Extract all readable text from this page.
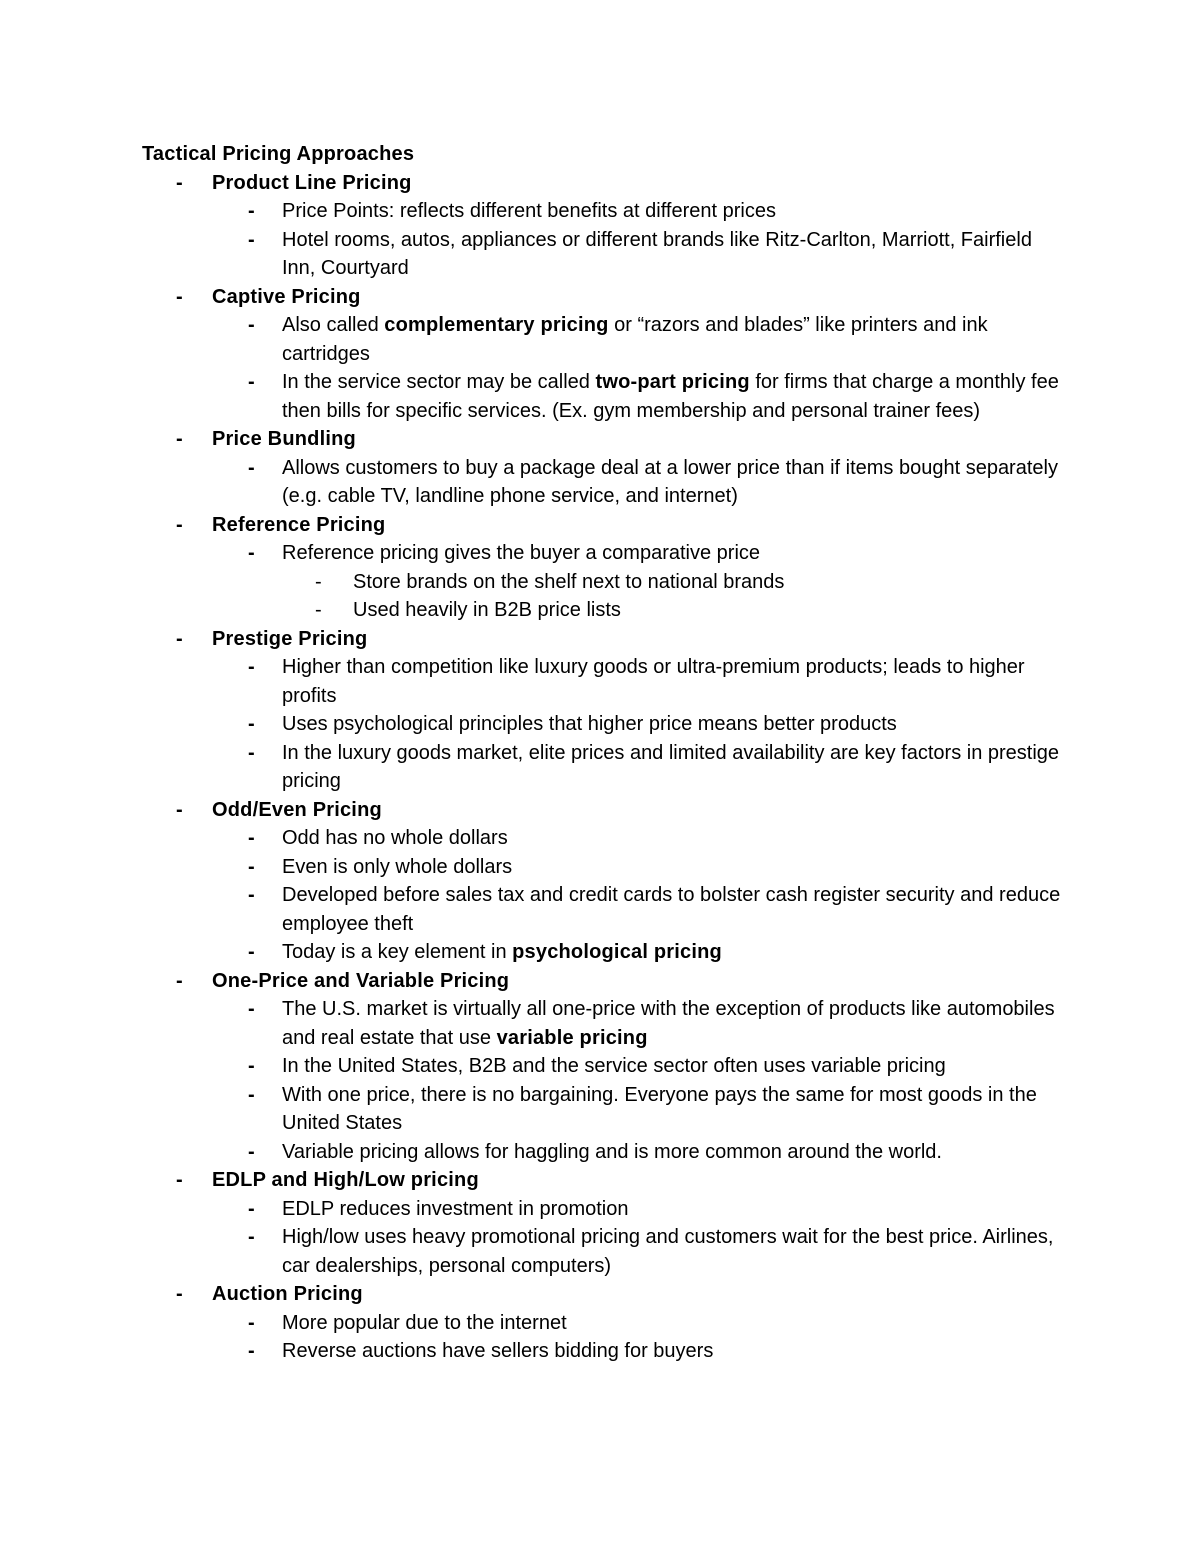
Tactical Pricing Approaches
- Product Line Pricing
- Price Points: reflects different benefits at different prices
- Hotel rooms, autos, appliances or different brands like Ritz-Carlton, Marriott, Fairfield Inn, Courtyard
- Captive Pricing
- Also called complementary pricing or “razors and blades” like printers and ink cartridges
- In the service sector may be called two-part pricing for firms that charge a monthly fee then bills for specific services. (Ex. gym membership and personal trainer fees)
- Price Bundling
- Allows customers to buy a package deal at a lower price than if items bought separately (e.g. cable TV, landline phone service, and internet)
- Reference Pricing
- Reference pricing gives the buyer a comparative price
- Store brands on the shelf next to national brands
- Used heavily in B2B price lists
- Prestige Pricing
- Higher than competition like luxury goods or ultra-premium products; leads to higher profits
- Uses psychological principles that higher price means better products
- In the luxury goods market, elite prices and limited availability are key factors in prestige pricing
- Odd/Even Pricing
- Odd has no whole dollars
- Even is only whole dollars
- Developed before sales tax and credit cards to bolster cash register security and reduce employee theft
- Today is a key element in psychological pricing
- One-Price and Variable Pricing
- The U.S. market is virtually all one-price with the exception of products like automobiles and real estate that use variable pricing
- In the United States, B2B and the service sector often uses variable pricing
- With one price, there is no bargaining. Everyone pays the same for most goods in the United States
- Variable pricing allows for haggling and is more common around the world.
- EDLP and High/Low pricing
- EDLP reduces investment in promotion
- High/low uses heavy promotional pricing and customers wait for the best price. Airlines, car dealerships, personal computers)
- Auction Pricing
- More popular due to the internet
- Reverse auctions have sellers bidding for buyers
